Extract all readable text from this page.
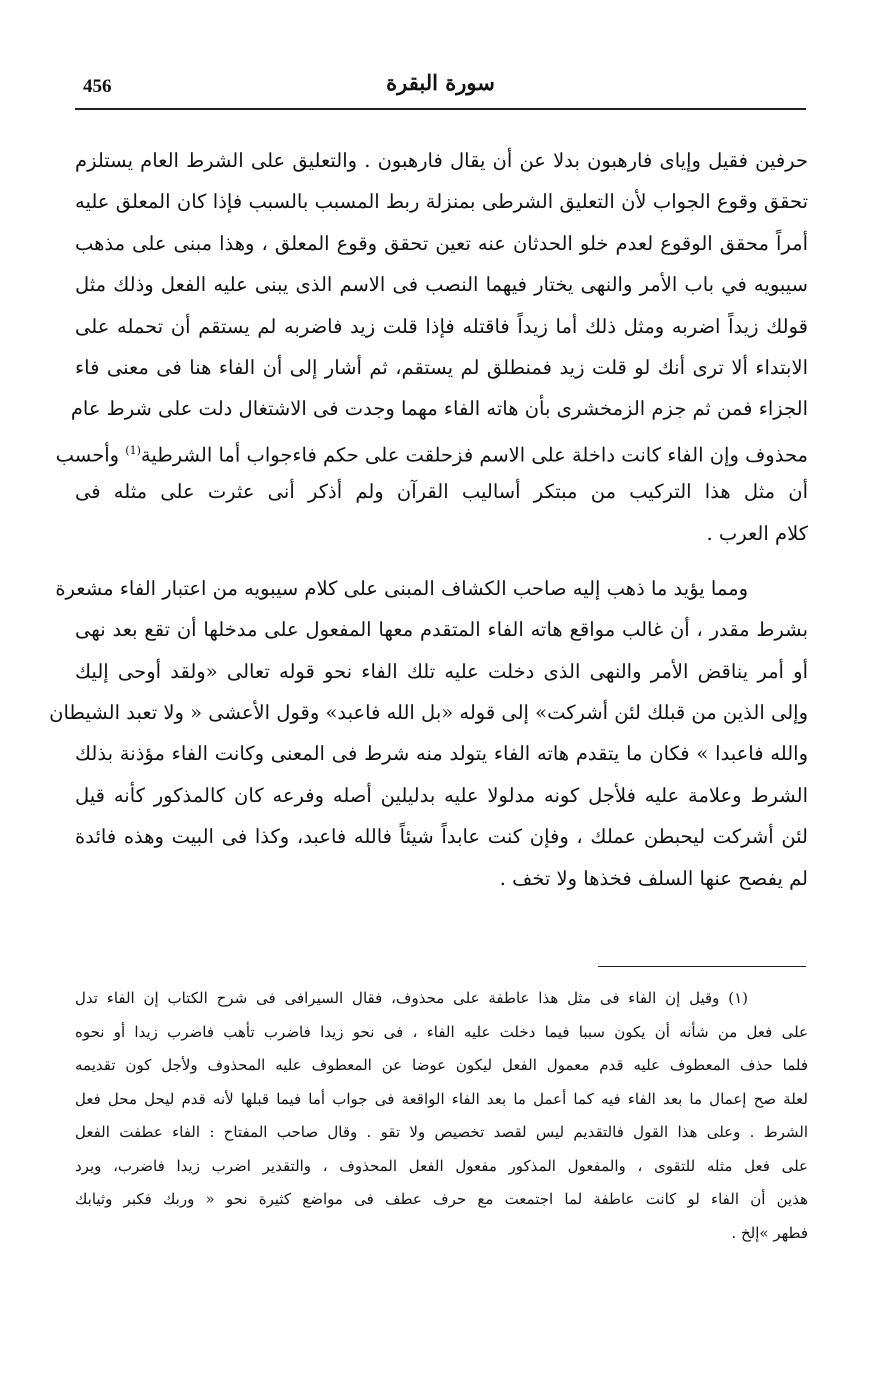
456	سورة البقرة
حرفين فقيل وإياى فارهبون بدلا عن أن يقال فارهبون . والتعليق على الشرط العام يستلزم
تحقق وقوع الجواب لأن التعليق الشرطى بمنزلة ربط المسبب بالسبب فإذا كان المعلق عليه
أمراً محقق الوقوع لعدم خلو الحدثان عنه تعين تحقق وقوع المعلق ، وهذا مبنى على مذهب
سيبويه في باب الأمر والنهى يختار فيهما النصب فى الاسم الذى يبنى عليه الفعل وذلك مثل
قولك زيداً اضربه ومثل ذلك أما زيداً فاقتله فإذا قلت زيد فاضربه لم يستقم أن تحمله على
الابتداء ألا ترى أنك لو قلت زيد فمنطلق لم يستقم، ثم أشار إلى أن الفاء هنا فى معنى فاء
الجزاء فمن ثم جزم الزمخشرى بأن هاته الفاء مهما وجدت فى الاشتغال دلت على شرط عام
محذوف وإن الفاء كانت داخلة على الاسم فزحلقت على حكم فاءجواب أما الشرطية$^{(1)}$ وأحسب
أن مثل هذا التركيب من مبتكر أساليب القرآن ولم أذكر أنى عثرت على مثله فى
كلام العرب .
ومما يؤيد ما ذهب إليه صاحب الكشاف المبنى على كلام سيبويه من اعتبار الفاء مشعرة
بشرط مقدر ، أن غالب مواقع هاته الفاء المتقدم معها المفعول على مدخلها أن تقع بعد نهى
أو أمر يناقض الأمر والنهى الذى دخلت عليه تلك الفاء نحو قوله تعالى «ولقد أوحى إليك
وإلى الذين من قبلك لئن أشركت» إلى قوله «بل الله فاعبد» وقول الأعشى « ولا تعبد الشيطان
والله فاعبدا » فكان ما يتقدم هاته الفاء يتولد منه شرط فى المعنى وكانت الفاء مؤذنة بذلك
الشرط وعلامة عليه فلأجل كونه مدلولا عليه بدليلين أصله وفرعه كان كالمذكور كأنه قيل
لئن أشركت ليحبطن عملك ، وفإن كنت عابداً شيئاً فالله فاعبد، وكذا فى البيت وهذه فائدة
لم يفصح عنها السلف فخذها ولا تخف .
(١) وقيل إن الفاء فى مثل هذا عاطفة على محذوف، فقال السيرافى فى شرح الكتاب إن الفاء تدل
على فعل من شأنه أن يكون سببا فيما دخلت عليه الفاء ، فى نحو زيدا فاضرب تأهب فاضرب زيدا أو نحوه
فلما حذف المعطوف عليه قدم معمول الفعل ليكون عوضا عن المعطوف عليه المحذوف ولأجل كون تقديمه
لعلة صح إعمال ما بعد الفاء فيه كما أعمل ما بعد الفاء الواقعة فى جواب أما فيما قبلها لأنه قدم ليحل محل فعل
الشرط . وعلى هذا القول فالتقديم ليس لقصد تخصيص ولا تقو . وقال صاحب المفتاح : الفاء عطفت الفعل
على فعل مثله للتقوى ، والمفعول المذكور مفعول الفعل المحذوف ، والتقدير اضرب زيدا فاضرب، ويرد
هذين أن الفاء لو كانت عاطفة لما اجتمعت مع حرف عطف فى مواضع كثيرة نحو « وربك فكبر وثيابك
فطهر »إلخ .
